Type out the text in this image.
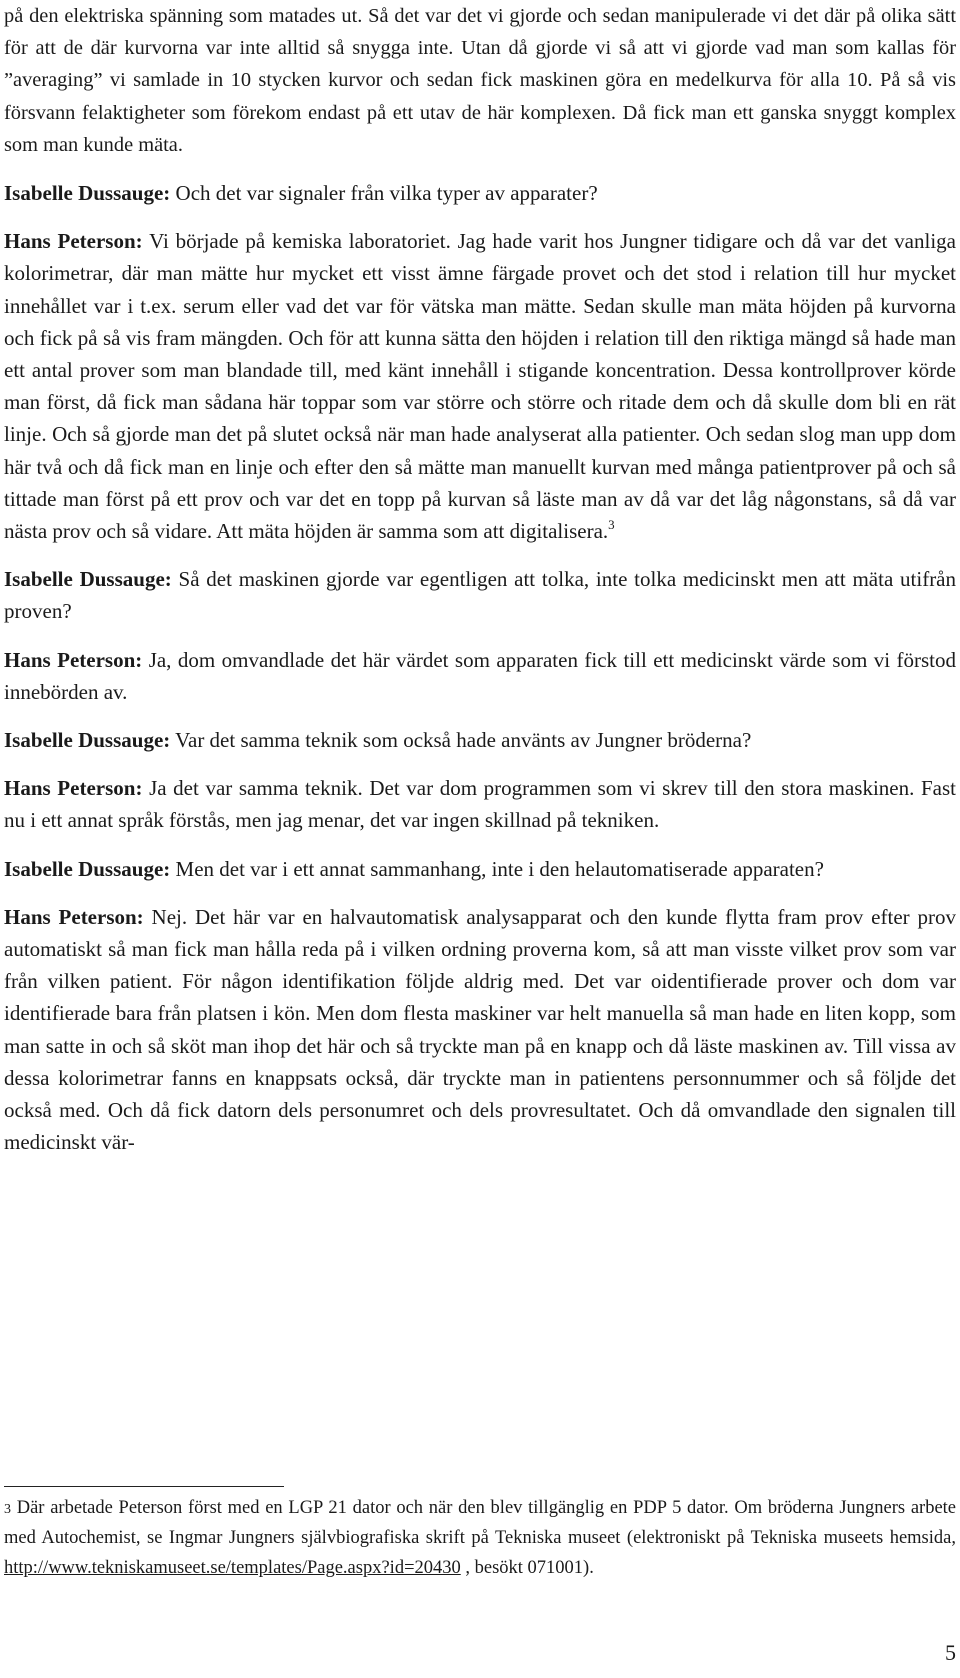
på den elektriska spänning som matades ut. Så det var det vi gjorde och sedan manipulerade vi det där på olika sätt för att de där kurvorna var inte alltid så snygga inte. Utan då gjorde vi så att vi gjorde vad man som kallas för ”averaging” vi samlade in 10 stycken kurvor och sedan fick maskinen göra en medelkurva för alla 10. På så vis försvann felaktigheter som förekom endast på ett utav de här komplexen. Då fick man ett ganska snyggt komplex som man kunde mäta.

Isabelle Dussauge: Och det var signaler från vilka typer av apparater?

Hans Peterson: Vi började på kemiska laboratoriet. Jag hade varit hos Jungner tidigare och då var det vanliga kolorimetrar, där man mätte hur mycket ett visst ämne färgade provet och det stod i relation till hur mycket innehållet var i t.ex. serum eller vad det var för vätska man mätte. Sedan skulle man mäta höjden på kurvorna och fick på så vis fram mängden. Och för att kunna sätta den höjden i relation till den riktiga mängd så hade man ett antal prover som man blandade till, med känt innehåll i stigande koncentration. Dessa kontrollprover körde man först, då fick man sådana här toppar som var större och större och ritade dem och då skulle dom bli en rät linje. Och så gjorde man det på slutet också när man hade analyserat alla patienter. Och sedan slog man upp dom här två och då fick man en linje och efter den så mätte man manuellt kurvan med många patientprover på och så tittade man först på ett prov och var det en topp på kurvan så läste man av då var det låg någonstans, så då var nästa prov och så vidare. Att mäta höjden är samma som att digitalisera.$^3$

Isabelle Dussauge: Så det maskinen gjorde var egentligen att tolka, inte tolka medicinskt men att mäta utifrån proven?

Hans Peterson: Ja, dom omvandlade det här värdet som apparaten fick till ett medicinskt värde som vi förstod innebörden av.

Isabelle Dussauge: Var det samma teknik som också hade använts av Jungner bröderna?

Hans Peterson: Ja det var samma teknik. Det var dom programmen som vi skrev till den stora maskinen. Fast nu i ett annat språk förstås, men jag menar, det var ingen skillnad på tekniken.

Isabelle Dussauge: Men det var i ett annat sammanhang, inte i den helautomatiserade apparaten?

Hans Peterson: Nej. Det här var en halvautomatisk analysapparat och den kunde flytta fram prov efter prov automatiskt så man fick man hålla reda på i vilken ordning proverna kom, så att man visste vilket prov som var från vilken patient. För någon identifikation följde aldrig med. Det var oidentifierade prover och dom var identifierade bara från platsen i kön. Men dom flesta maskiner var helt manuella så man hade en liten kopp, som man satte in och så sköt man ihop det här och så tryckte man på en knapp och då läste maskinen av. Till vissa av dessa kolorimetrar fanns en knappsats också, där tryckte man in patientens personnummer och så följde det också med. Och då fick datorn dels personumret och dels provresultatet. Och då omvandlade den signalen till medicinskt vär-

3 Där arbetade Peterson först med en LGP 21 dator och när den blev tillgänglig en PDP 5 dator. Om bröderna Jungners arbete med Autochemist, se Ingmar Jungners självbiografiska skrift på Tekniska museet (elektroniskt på Tekniska museets hemsida, http://www.tekniskamuseet.se/templates/Page.aspx?id=20430 , besökt 071001).
5
